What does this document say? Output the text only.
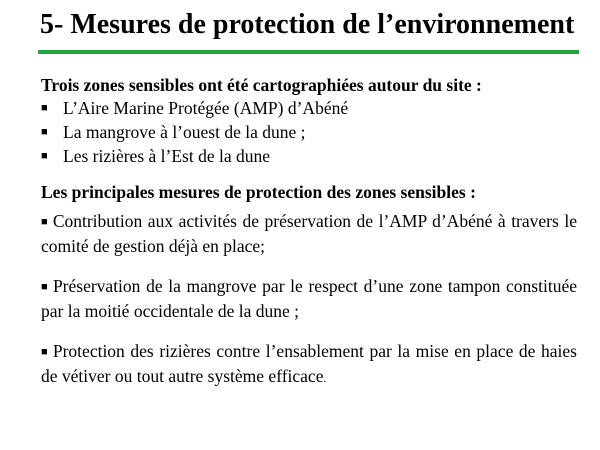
5- Mesures de protection de l’environnement

Trois zones sensibles ont été cartographiées autour du site :

■ L’Aire Marine Protégée (AMP) d’Abéné
■ La mangrove à l’ouest de la dune ;
■ Les rizières à l’Est de la dune

Les principales mesures de protection des zones sensibles :

■ Contribution aux activités de préservation de l’AMP d’Abéné à travers le comité de gestion déjà en place;
■ Préservation de la mangrove par le respect d’une zone tampon constituée par la moitié occidentale de la dune ;
■ Protection des rizières contre l’ensablement par la mise en place de haies de vétiver ou tout autre système efficace.
